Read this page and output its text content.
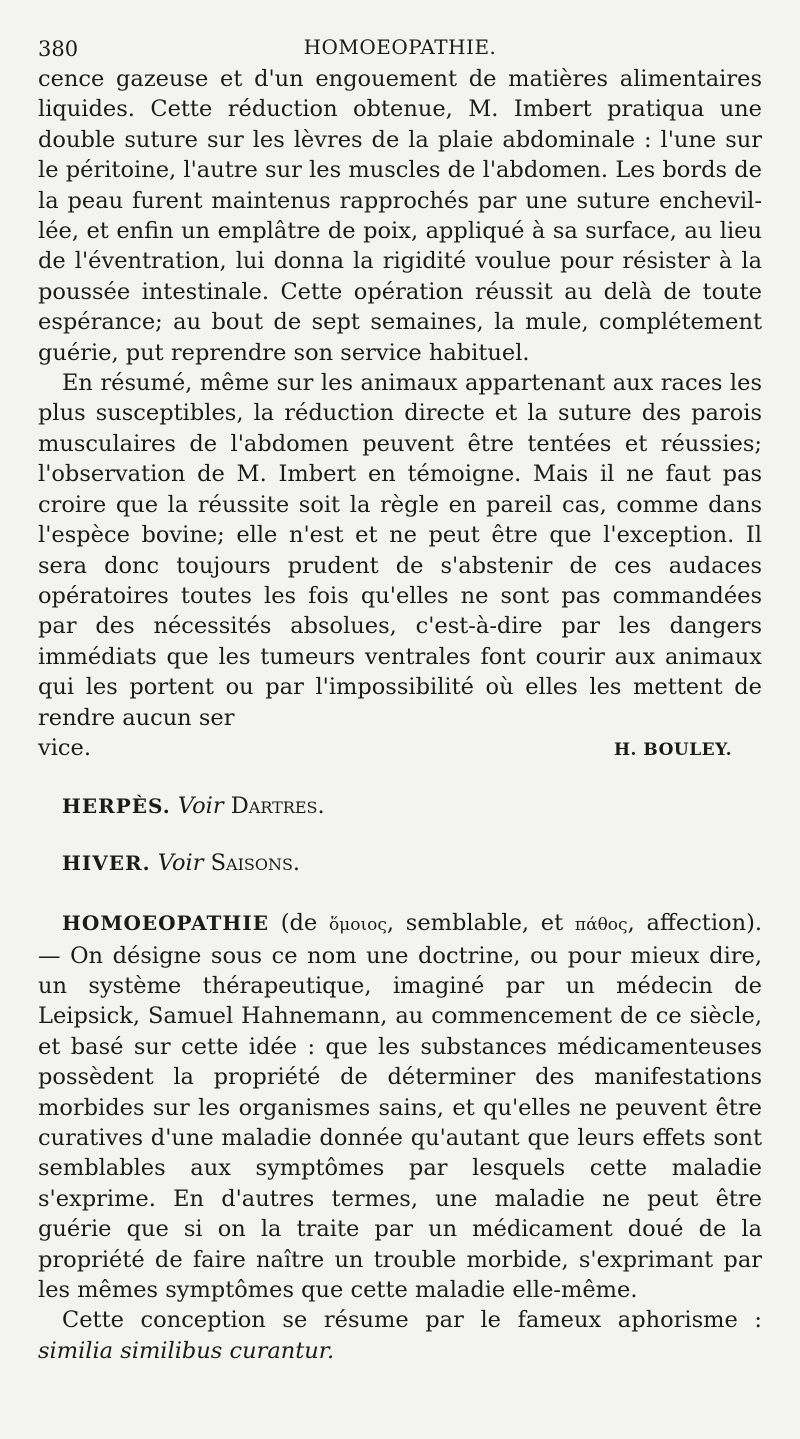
380	HOMOEOPATHIE.

cence gazeuse et d'un engouement de matières alimentaires liquides. Cette réduction obtenue, M. Imbert pratiqua une double suture sur les lèvres de la plaie abdominale : l'une sur le péritoine, l'autre sur les muscles de l'abdomen. Les bords de la peau furent maintenus rapprochés par une suture enchevillée, et enfin un emplâtre de poix, appliqué à sa surface, au lieu de l'éventration, lui donna la rigidité voulue pour résister à la poussée intestinale. Cette opération réussit au delà de toute espérance; au bout de sept semaines, la mule, complétement guérie, put reprendre son service habituel.

En résumé, même sur les animaux appartenant aux races les plus susceptibles, la réduction directe et la suture des parois musculaires de l'abdomen peuvent être tentées et réussies; l'observation de M. Imbert en témoigne. Mais il ne faut pas croire que la réussite soit la règle en pareil cas, comme dans l'espèce bovine; elle n'est et ne peut être que l'exception. Il sera donc toujours prudent de s'abstenir de ces audaces opératoires toutes les fois qu'elles ne sont pas commandées par des nécessités absolues, c'est-à-dire par les dangers immédiats que les tumeurs ventrales font courir aux animaux qui les portent ou par l'impossibilité où elles les mettent de rendre aucun ser

vice.	H. BOULEY.
HERPÈS. Voir Dartres.
HIVER. Voir Saisons.

HOMOEOPATHIE (de ὅμοιος, semblable, et πάθος, affection). — On désigne sous ce nom une doctrine, ou pour mieux dire, un système thérapeutique, imaginé par un médecin de Leipsick, Samuel Hahnemann, au commencement de ce siècle, et basé sur cette idée : que les substances médicamenteuses possèdent la propriété de déterminer des manifestations morbides sur les organismes sains, et qu'elles ne peuvent être curatives d'une maladie donnée qu'autant que leurs effets sont semblables aux symptômes par lesquels cette maladie s'exprime. En d'autres termes, une maladie ne peut être guérie que si on la traite par un médicament doué de la propriété de faire naître un trouble morbide, s'exprimant par les mêmes symptômes que cette maladie elle-même.

Cette conception se résume par le fameux aphorisme : similia similibus curantur.
